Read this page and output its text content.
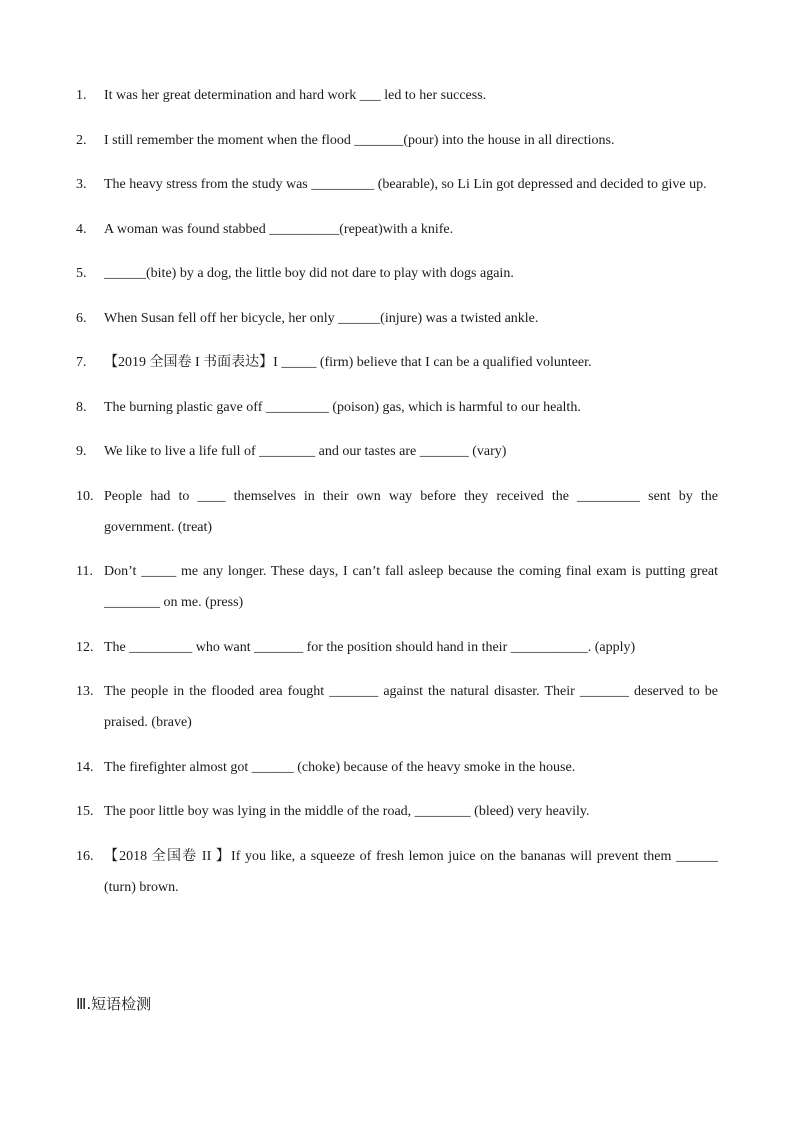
1.	It was her great determination and hard work ___ led to her success.
2.	I still remember the moment when the flood _______(pour) into the house in all directions.
3.	The heavy stress from the study was _________ (bearable), so Li Lin got depressed and decided to give up.
4.	A woman was found stabbed __________(repeat)with a knife.
5.	______(bite) by a dog, the little boy did not dare to play with dogs again.
6.	When Susan fell off her bicycle, her only ______(injure) was a twisted ankle.
7.	【2019 全国卷 I 书面表达】I _____ (firm) believe that I can be a qualified volunteer.
8.	The burning plastic gave off _________ (poison) gas, which is harmful to our health.
9.	We like to live a life full of ________ and our tastes are _______ (vary)
10. People had to ____ themselves in their own way before they received the _________ sent by the government. (treat)
11. Don’t _____ me any longer. These days, I can’t fall asleep because the coming final exam is putting great ________ on me. (press)
12. The _________ who want _______ for the position should hand in their ___________. (apply)
13. The people in the flooded area fought _______ against the natural disaster. Their _______ deserved to be praised. (brave)
14. The firefighter almost got ______ (choke) because of the heavy smoke in the house.
15. The poor little boy was lying in the middle of the road, ________ (bleed) very heavily.
16. 【2018 全国卷 II 】If you like, a squeeze of fresh lemon juice on the bananas will prevent them ______ (turn) brown.
Ⅲ.短语检测
